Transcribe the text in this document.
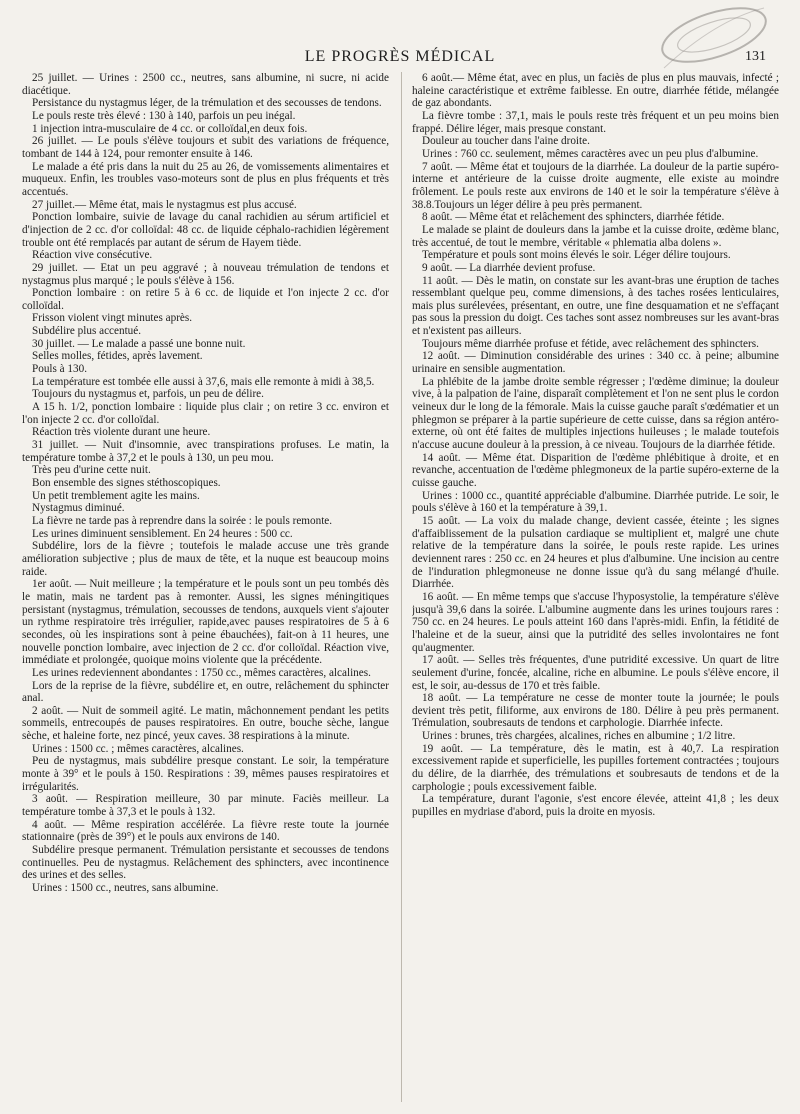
LE PROGRÈS MÉDICAL	131

25 juillet. — Urines : 2500 cc., neutres, sans albumine, ni sucre, ni acide diacétique.

Persistance du nystagmus léger, de la trémulation et des secousses de tendons.

Le pouls reste très élevé : 130 à 140, parfois un peu inégal.

1 injection intra-musculaire de 4 cc. or colloïdal,en deux fois.

26 juillet. — Le pouls s'élève toujours et subit des variations de fréquence, tombant de 144 à 124, pour remonter ensuite à 146.

Le malade a été pris dans la nuit du 25 au 26, de vomissements alimentaires et muqueux. Enfin, les troubles vaso-moteurs sont de plus en plus fréquents et très accentués.

27 juillet.— Même état, mais le nystagmus est plus accusé.

Ponction lombaire, suivie de lavage du canal rachidien au sérum artificiel et d'injection de 2 cc. d'or colloïdal: 48 cc. de liquide céphalo-rachidien légèrement trouble ont été remplacés par autant de sérum de Hayem tiède.

Réaction vive consécutive.

29 juillet. — Etat un peu aggravé ; à nouveau trémulation de tendons et nystagmus plus marqué ; le pouls s'élève à 156.

Ponction lombaire : on retire 5 à 6 cc. de liquide et l'on injecte 2 cc. d'or colloïdal.

Frisson violent vingt minutes après.

Subdélire plus accentué.

30 juillet. — Le malade a passé une bonne nuit.

Selles molles, fétides, après lavement.

Pouls à 130.

La température est tombée elle aussi à 37,6, mais elle remonte à midi à 38,5.

Toujours du nystagmus et, parfois, un peu de délire.

A 15 h. 1/2, ponction lombaire : liquide plus clair ; on retire 3 cc. environ et l'on injecte 2 cc. d'or colloïdal.

Réaction très violente durant une heure.

31 juillet. — Nuit d'insomnie, avec transpirations profuses. Le matin, la température tombe à 37,2 et le pouls à 130, un peu mou.

Très peu d'urine cette nuit.

Bon ensemble des signes stéthoscopiques.

Un petit tremblement agite les mains.

Nystagmus diminué.

La fièvre ne tarde pas à reprendre dans la soirée : le pouls remonte.

Les urines diminuent sensiblement. En 24 heures : 500 cc.

Subdélire, lors de la fièvre ; toutefois le malade accuse une très grande amélioration subjective ; plus de maux de tête, et la nuque est beaucoup moins raide.

1er août. — Nuit meilleure ; la température et le pouls sont un peu tombés dès le matin, mais ne tardent pas à remonter. Aussi, les signes méningitiques persistant (nystagmus, trémulation, secousses de tendons, auxquels vient s'ajouter un rythme respiratoire très irrégulier, rapide,avec pauses respiratoires de 5 à 6 secondes, où les inspirations sont à peine ébauchées), fait-on à 11 heures, une nouvelle ponction lombaire, avec injection de 2 cc. d'or colloïdal. Réaction vive, immédiate et prolongée, quoique moins violente que la précédente.

Les urines redeviennent abondantes : 1750 cc., mêmes caractères, alcalines.

Lors de la reprise de la fièvre, subdélire et, en outre, relâchement du sphincter anal.

2 août. — Nuit de sommeil agité. Le matin, mâchonnement pendant les petits sommeils, entrecoupés de pauses respiratoires. En outre, bouche sèche, langue sèche, et haleine forte, nez pincé, yeux caves. 38 respirations à la minute.

Urines : 1500 cc. ; mêmes caractères, alcalines.

Peu de nystagmus, mais subdélire presque constant. Le soir, la température monte à 39° et le pouls à 150. Respirations : 39, mêmes pauses respiratoires et irrégularités.

3 août. — Respiration meilleure, 30 par minute. Faciès meilleur. La température tombe à 37,3 et le pouls à 132.

4 août. — Même respiration accélérée. La fièvre reste toute la journée stationnaire (près de 39°) et le pouls aux environs de 140.

Subdélire presque permanent. Trémulation persistante et secousses de tendons continuelles. Peu de nystagmus. Relâchement des sphincters, avec incontinence des urines et des selles.

Urines : 1500 cc., neutres, sans albumine.

6 août.— Même état, avec en plus, un faciès de plus en plus mauvais, infecté ; haleine caractéristique et extrême faiblesse. En outre, diarrhée fétide, mélangée de gaz abondants.

La fièvre tombe : 37,1, mais le pouls reste très fréquent et un peu moins bien frappé. Délire léger, mais presque constant.

Douleur au toucher dans l'aine droite.

Urines : 760 cc. seulement, mêmes caractères avec un peu plus d'albumine.

7 août. — Même état et toujours de la diarrhée. La douleur de la partie supéro-interne et antérieure de la cuisse droite augmente, elle existe au moindre frôlement. Le pouls reste aux environs de 140 et le soir la température s'élève à 38.8.Toujours un léger délire à peu près permanent.

8 août. — Même état et relâchement des sphincters, diarrhée fétide.

Le malade se plaint de douleurs dans la jambe et la cuisse droite, œdème blanc, très accentué, de tout le membre, véritable « phlematia alba dolens ».

Température et pouls sont moins élevés le soir. Léger délire toujours.

9 août. — La diarrhée devient profuse.

11 août. — Dès le matin, on constate sur les avant-bras une éruption de taches ressemblant quelque peu, comme dimensions, à des taches rosées lenticulaires, mais plus surélevées, présentant, en outre, une fine desquamation et ne s'effaçant pas sous la pression du doigt. Ces taches sont assez nombreuses sur les avant-bras et n'existent pas ailleurs.

Toujours même diarrhée profuse et fétide, avec relâchement des sphincters.

12 août. — Diminution considérable des urines : 340 cc. à peine; albumine urinaire en sensible augmentation.

La phlébite de la jambe droite semble régresser ; l'œdème diminue; la douleur vive, à la palpation de l'aine, disparaît complètement et l'on ne sent plus le cordon veineux dur le long de la fémorale. Mais la cuisse gauche paraît s'œdématier et un phlegmon se préparer à la partie supérieure de cette cuisse, dans sa région antéro-externe, où ont été faites de multiples injections huileuses ; le malade toutefois n'accuse aucune douleur à la pression, à ce niveau. Toujours de la diarrhée fétide.

14 août. — Même état. Disparition de l'œdème phlébitique à droite, et en revanche, accentuation de l'œdème phlegmoneux de la partie supéro-externe de la cuisse gauche.

Urines : 1000 cc., quantité appréciable d'albumine. Diarrhée putride. Le soir, le pouls s'élève à 160 et la température à 39,1.

15 août. — La voix du malade change, devient cassée, éteinte ; les signes d'affaiblissement de la pulsation cardiaque se multiplient et, malgré une chute relative de la température dans la soirée, le pouls reste rapide. Les urines deviennent rares : 250 cc. en 24 heures et plus d'albumine. Une incision au centre de l'induration phlegmoneuse ne donne issue qu'à du sang mélangé d'huile. Diarrhée.

16 août. — En même temps que s'accuse l'hyposystolie, la température s'élève jusqu'à 39,6 dans la soirée. L'albumine augmente dans les urines toujours rares : 750 cc. en 24 heures. Le pouls atteint 160 dans l'après-midi. Enfin, la fétidité de l'haleine et de la sueur, ainsi que la putridité des selles involontaires ne font qu'augmenter.

17 août. — Selles très fréquentes, d'une putridité excessive. Un quart de litre seulement d'urine, foncée, alcaline, riche en albumine. Le pouls s'élève encore, il est, le soir, au-dessus de 170 et très faible.

18 août. — La température ne cesse de monter toute la journée; le pouls devient très petit, filiforme, aux environs de 180. Délire à peu près permanent. Trémulation, soubresauts de tendons et carphologie. Diarrhée infecte.

Urines : brunes, très chargées, alcalines, riches en albumine ; 1/2 litre.

19 août. — La température, dès le matin, est à 40,7. La respiration excessivement rapide et superficielle, les pupilles fortement contractées ; toujours du délire, de la diarrhée, des trémulations et soubresauts de tendons et de la carphologie ; pouls excessivement faible.

La température, durant l'agonie, s'est encore élevée, atteint 41,8 ; les deux pupilles en mydriase d'abord, puis la droite en myosis.
